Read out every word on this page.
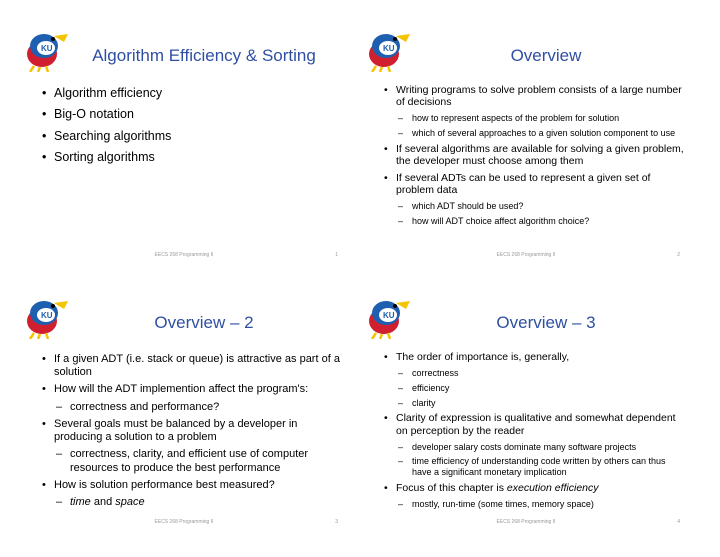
Algorithm Efficiency & Sorting
• Algorithm efficiency
• Big-O notation
• Searching algorithms
• Sorting algorithms
EECS 268 Programming II	1
Overview
• Writing programs to solve problem consists of a large number of decisions
– how to represent aspects of the problem for solution
– which of several approaches to a given solution component to use
• If several algorithms are available for solving a given problem, the developer must choose among them
• If several ADTs can be used to represent a given set of problem data
– which ADT should be used?
– how will ADT choice affect algorithm choice?
EECS 268 Programming II	2
Overview – 2
• If a given ADT (i.e. stack or queue) is attractive as part of a solution
• How will the ADT implemention affect the program's:
– correctness and performance?
• Several goals must be balanced by a developer in producing a solution to a problem
– correctness, clarity, and efficient use of computer resources to produce the best performance
• How is solution performance best measured?
– time and space
EECS 268 Programming II	3
Overview – 3
• The order of importance is, generally,
– correctness
– efficiency
– clarity
• Clarity of expression is qualitative and somewhat dependent on perception by the reader
– developer salary costs dominate many software projects
– time efficiency of understanding code written by others can thus have a significant monetary implication
• Focus of this chapter is execution efficiency
– mostly, run-time (some times, memory space)
EECS 268 Programming II	4
